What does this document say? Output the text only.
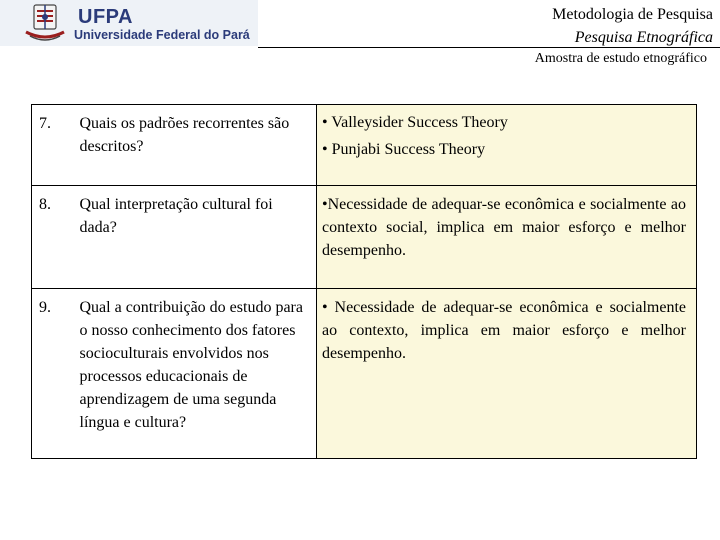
UFPA
Universidade Federal do Pará
Metodologia de Pesquisa
Pesquisa Etnográfica
Amostra de estudo etnográfico
7.	Quais os padrões recorrentes são descritos?	• Valleysider Success Theory
• Punjabi Success Theory

8.	Qual interpretação cultural foi dada?	•Necessidade de adequar-se econômica e socialmente ao contexto social, implica em maior esforço e melhor desempenho.

9.	Qual a contribuição do estudo para o nosso conhecimento dos fatores socioculturais envolvidos nos processos educacionais de aprendizagem de uma segunda língua e cultura?	• Necessidade de adequar-se econômica e socialmente ao contexto, implica em maior esforço e melhor desempenho.
